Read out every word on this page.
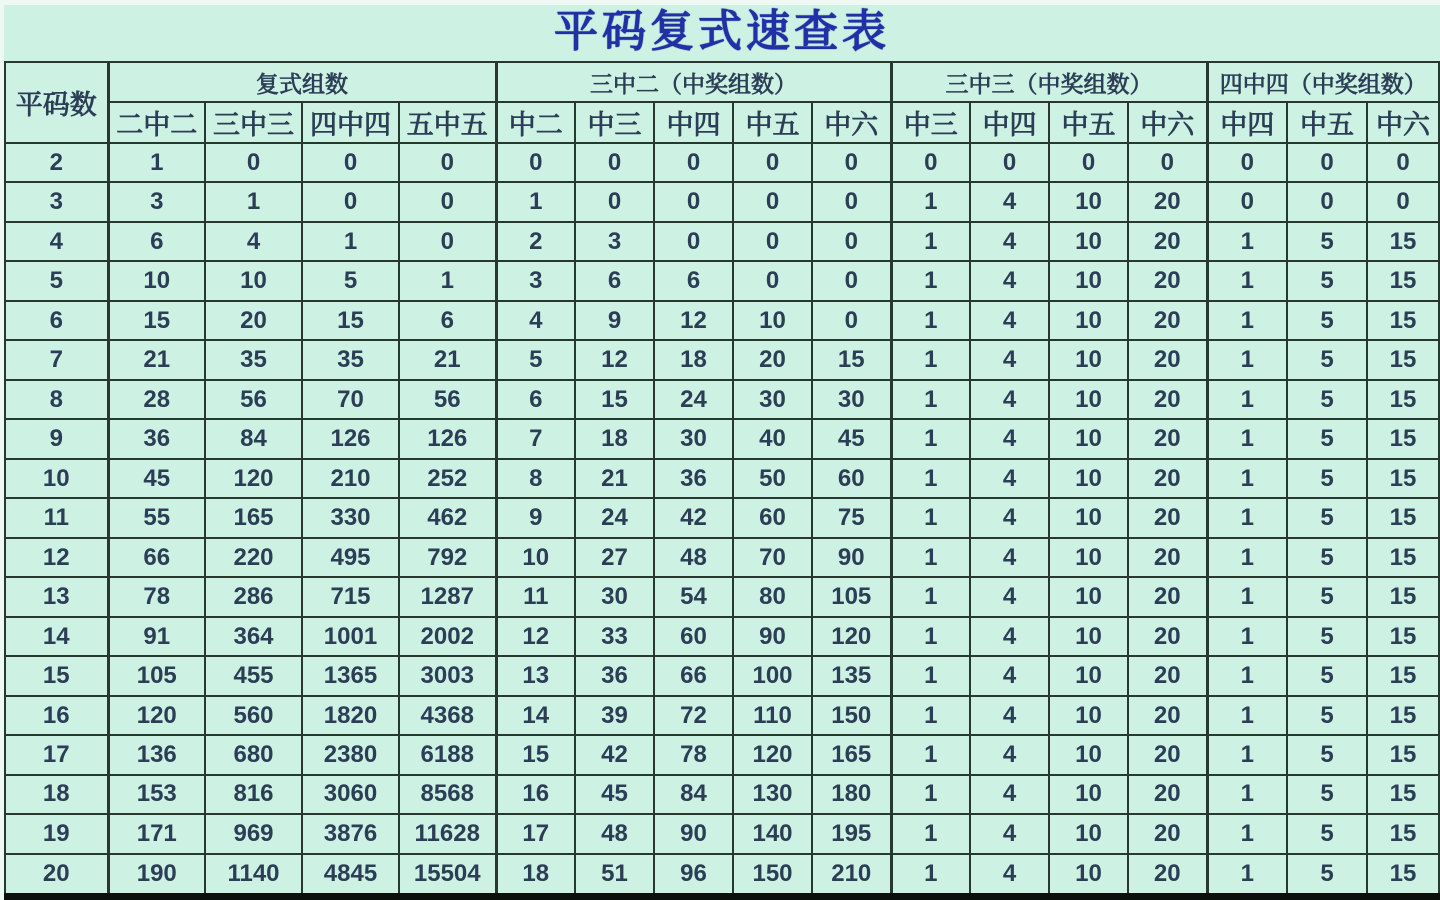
平码复式速查表
平码数	复式组数				三中二（中奖组数）					三中三（中奖组数）				四中四（中奖组数）		
	二中二	三中三	四中四	五中五	中二	中三	中四	中五	中六	中三	中四	中五	中六	中四	中五	中六
2	1	0	0	0	0	0	0	0	0	0	0	0	0	0	0	0
3	3	1	0	0	1	0	0	0	0	1	4	10	20	0	0	0
4	6	4	1	0	2	3	0	0	0	1	4	10	20	1	5	15
5	10	10	5	1	3	6	6	0	0	1	4	10	20	1	5	15
6	15	20	15	6	4	9	12	10	0	1	4	10	20	1	5	15
7	21	35	35	21	5	12	18	20	15	1	4	10	20	1	5	15
8	28	56	70	56	6	15	24	30	30	1	4	10	20	1	5	15
9	36	84	126	126	7	18	30	40	45	1	4	10	20	1	5	15
10	45	120	210	252	8	21	36	50	60	1	4	10	20	1	5	15
11	55	165	330	462	9	24	42	60	75	1	4	10	20	1	5	15
12	66	220	495	792	10	27	48	70	90	1	4	10	20	1	5	15
13	78	286	715	1287	11	30	54	80	105	1	4	10	20	1	5	15
14	91	364	1001	2002	12	33	60	90	120	1	4	10	20	1	5	15
15	105	455	1365	3003	13	36	66	100	135	1	4	10	20	1	5	15
16	120	560	1820	4368	14	39	72	110	150	1	4	10	20	1	5	15
17	136	680	2380	6188	15	42	78	120	165	1	4	10	20	1	5	15
18	153	816	3060	8568	16	45	84	130	180	1	4	10	20	1	5	15
19	171	969	3876	11628	17	48	90	140	195	1	4	10	20	1	5	15
20	190	1140	4845	15504	18	51	96	150	210	1	4	10	20	1	5	15
